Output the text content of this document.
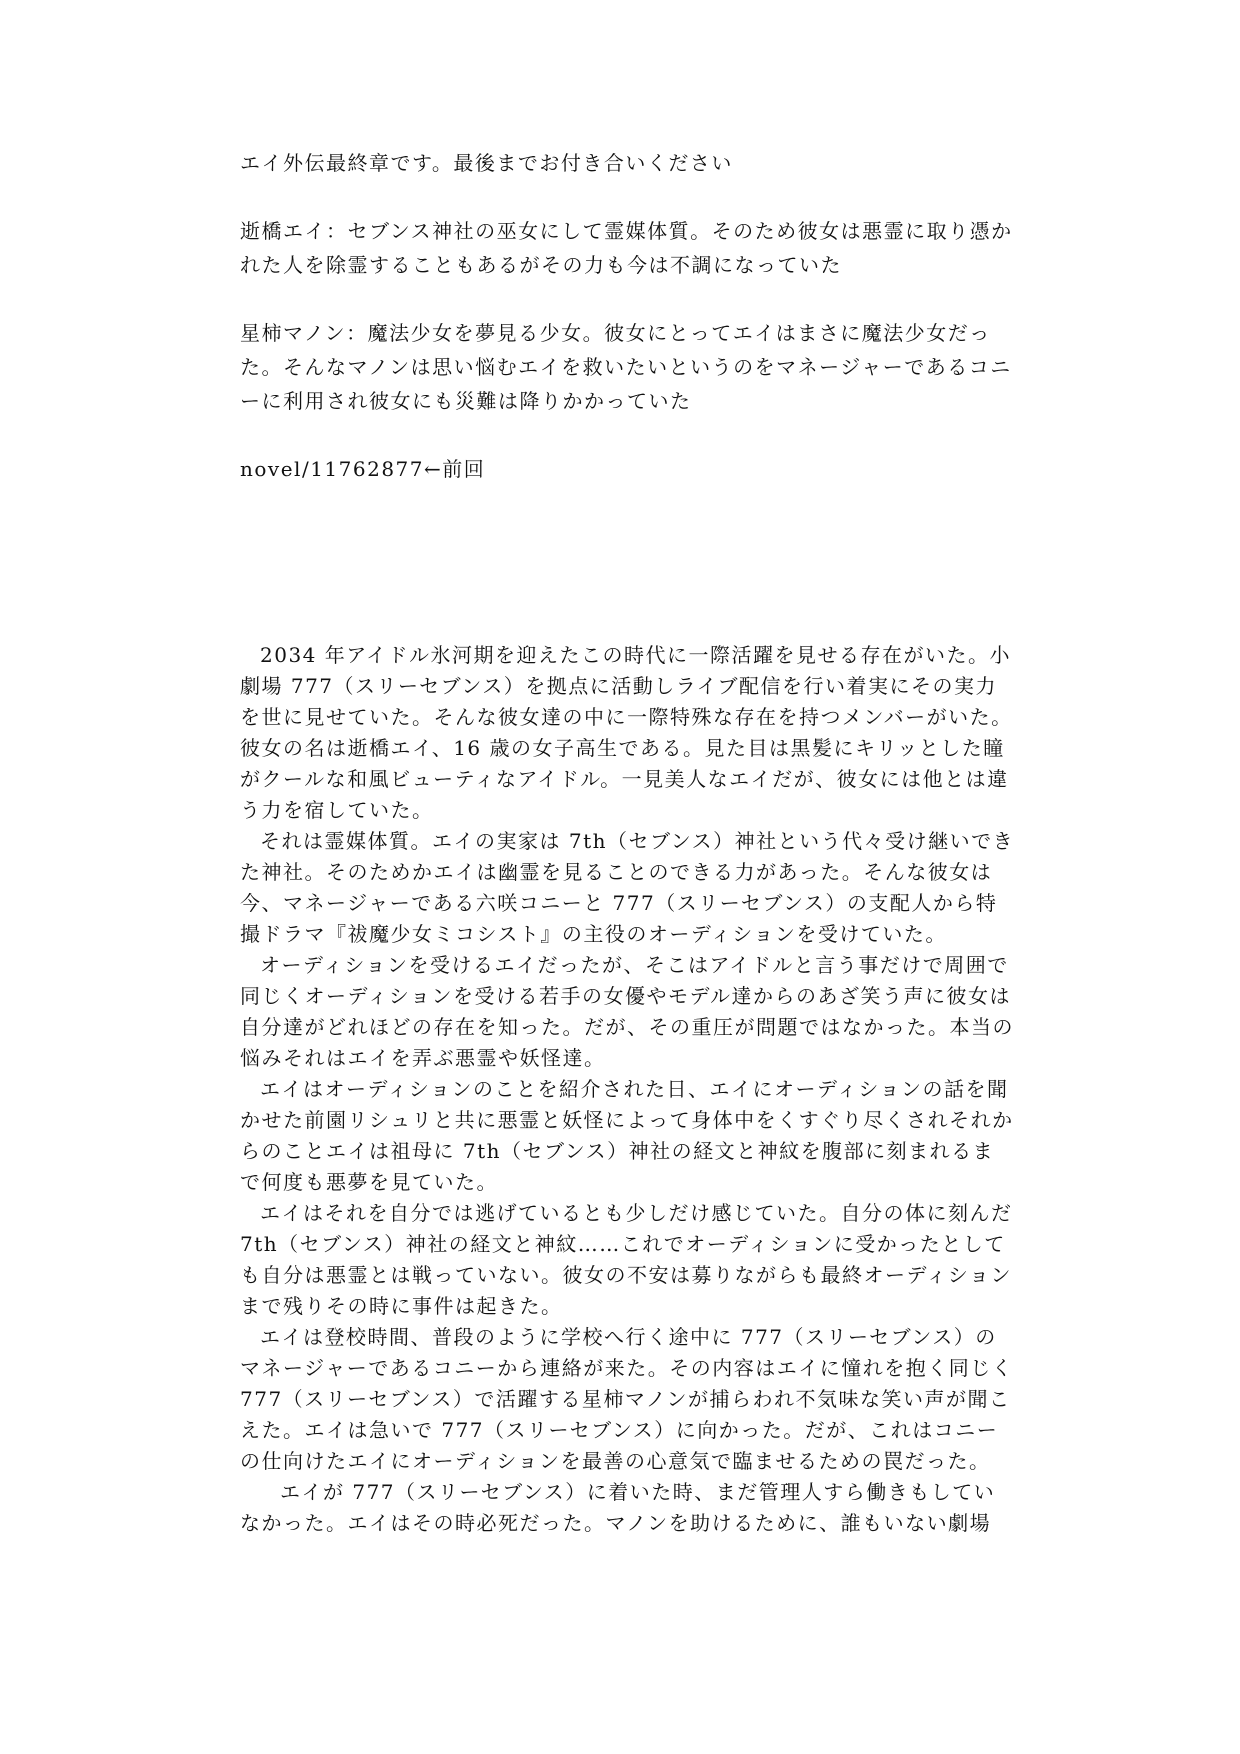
エイ外伝最終章です。最後までお付き合いください

逝橋エイ：セブンス神社の巫女にして霊媒体質。そのため彼女は悪霊に取り憑かれた人を除霊することもあるがその力も今は不調になっていた

星柿マノン：魔法少女を夢見る少女。彼女にとってエイはまさに魔法少女だった。そんなマノンは思い悩むエイを救いたいというのをマネージャーであるコニーに利用され彼女にも災難は降りかかっていた

novel/11762877←前回

2034 年アイドル氷河期を迎えたこの時代に一際活躍を見せる存在がいた。小劇場 777（スリーセブンス）を拠点に活動しライブ配信を行い着実にその実力を世に見せていた。そんな彼女達の中に一際特殊な存在を持つメンバーがいた。彼女の名は逝橋エイ、16 歳の女子高生である。見た目は黒髪にキリッとした瞳がクールな和風ビューティなアイドル。一見美人なエイだが、彼女には他とは違う力を宿していた。

それは霊媒体質。エイの実家は 7th（セブンス）神社という代々受け継いできた神社。そのためかエイは幽霊を見ることのできる力があった。そんな彼女は今、マネージャーである六咲コニーと 777（スリーセブンス）の支配人から特撮ドラマ『祓魔少女ミコシスト』の主役のオーディションを受けていた。

オーディションを受けるエイだったが、そこはアイドルと言う事だけで周囲で同じくオーディションを受ける若手の女優やモデル達からのあざ笑う声に彼女は自分達がどれほどの存在を知った。だが、その重圧が問題ではなかった。本当の悩みそれはエイを弄ぶ悪霊や妖怪達。

エイはオーディションのことを紹介された日、エイにオーディションの話を聞かせた前園リシュリと共に悪霊と妖怪によって身体中をくすぐり尽くされそれからのことエイは祖母に 7th（セブンス）神社の経文と神紋を腹部に刻まれるまで何度も悪夢を見ていた。

エイはそれを自分では逃げているとも少しだけ感じていた。自分の体に刻んだ 7th（セブンス）神社の経文と神紋……これでオーディションに受かったとしても自分は悪霊とは戦っていない。彼女の不安は募りながらも最終オーディションまで残りその時に事件は起きた。

エイは登校時間、普段のように学校へ行く途中に 777（スリーセブンス）のマネージャーであるコニーから連絡が来た。その内容はエイに憧れを抱く同じく 777（スリーセブンス）で活躍する星柿マノンが捕らわれ不気味な笑い声が聞こえた。エイは急いで 777（スリーセブンス）に向かった。だが、これはコニーの仕向けたエイにオーディションを最善の心意気で臨ませるための罠だった。

エイが 777（スリーセブンス）に着いた時、まだ管理人すら働きもしていなかった。エイはその時必死だった。マノンを助けるために、誰もいない劇場
